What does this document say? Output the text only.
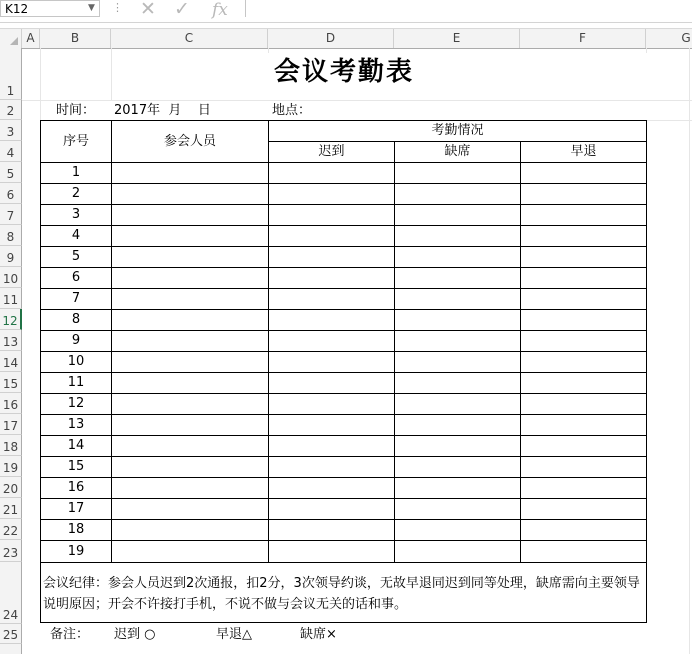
K12	▼ ⋮ ✕ ✓ fx
A	B	C	D	E	F	G
1
2
3
4
5
6
7
8
9
10
11
12
13
14
15
16
17
18
19
20
21
22
23
24
25
会议考勤表
时间： 2017年  月    日	地点：
序号	参会人员	考勤情况		
		迟到	缺席	早退
1				
2				
3				
4				
5				
6				
7				
8				
9				
10				
11				
12				
13				
14				
15				
16				
17				
18				
19				
会议纪律：参会人员迟到2次通报，扣2分，3次领导约谈，无故早退同迟到同等处理，缺席需向主要领导说明原因；开会不许接打手机，不说不做与会议无关的话和事。
备注： 迟到 ○	早退△	缺席×
